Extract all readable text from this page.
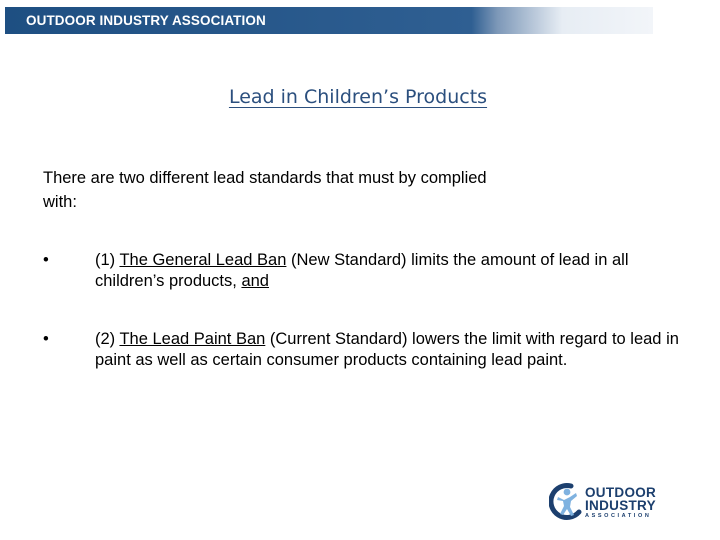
OUTDOOR INDUSTRY ASSOCIATION
Lead in Children’s Products
There are two different lead standards that must by complied with:
•	(1) The General Lead Ban (New Standard) limits the amount of lead in all children’s products, and
•	(2) The Lead Paint Ban (Current Standard) lowers the limit with regard to lead in paint as well as certain consumer products containing lead paint.
OUTDOOR
INDUSTRY
ASSOCIATION
